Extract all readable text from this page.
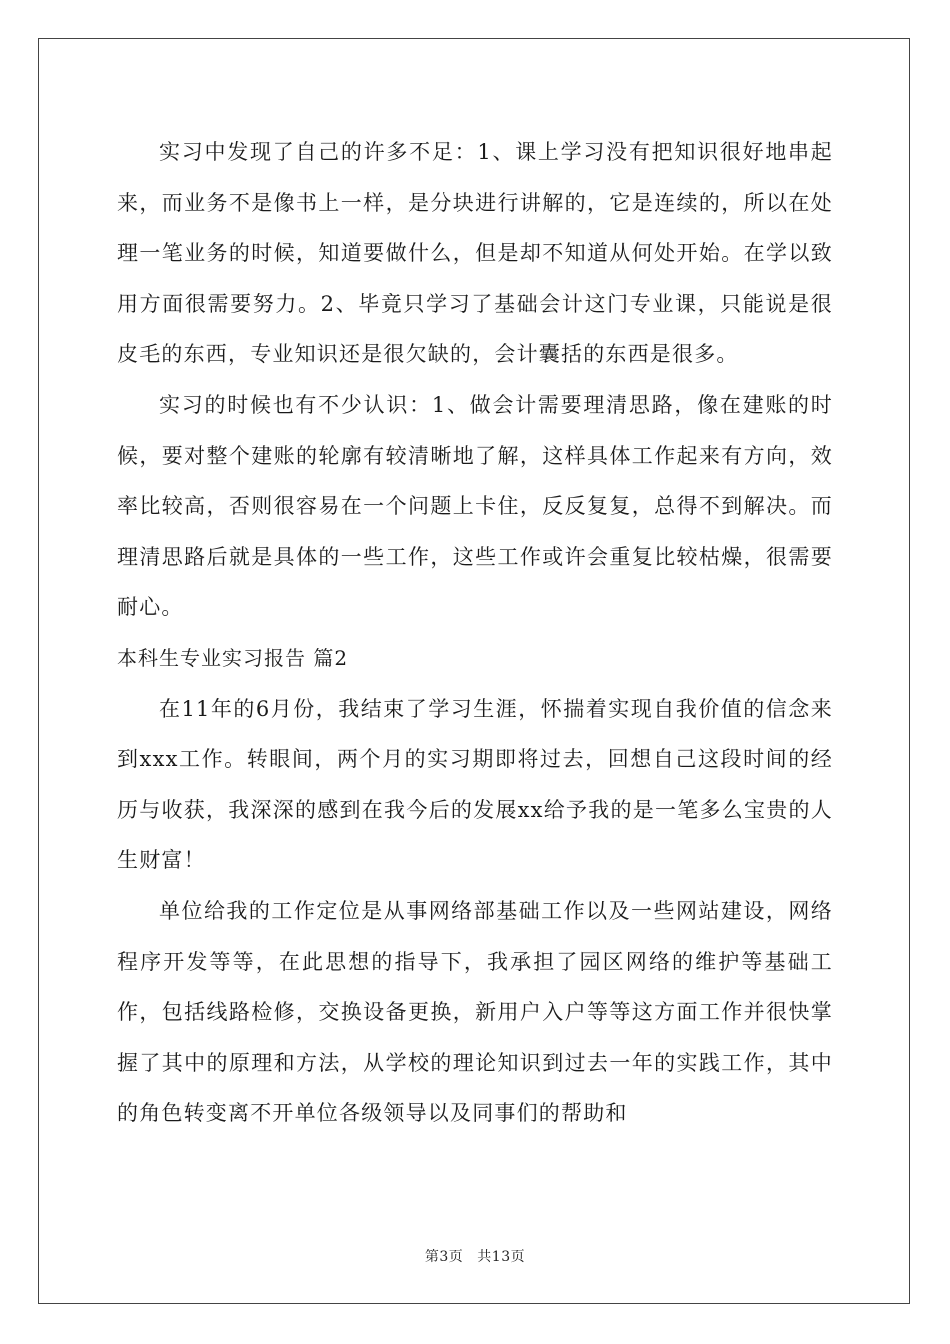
实习中发现了自己的许多不足：1、课上学习没有把知识很好地串起来，而业务不是像书上一样，是分块进行讲解的，它是连续的，所以在处理一笔业务的时候，知道要做什么，但是却不知道从何处开始。在学以致用方面很需要努力。2、毕竟只学习了基础会计这门专业课，只能说是很皮毛的东西，专业知识还是很欠缺的，会计囊括的东西是很多。

实习的时候也有不少认识：1、做会计需要理清思路，像在建账的时候，要对整个建账的轮廓有较清晰地了解，这样具体工作起来有方向，效率比较高，否则很容易在一个问题上卡住，反反复复，总得不到解决。而理清思路后就是具体的一些工作，这些工作或许会重复比较枯燥，很需要耐心。

本科生专业实习报告 篇2

在11年的6月份，我结束了学习生涯，怀揣着实现自我价值的信念来到xxx工作。转眼间，两个月的实习期即将过去，回想自己这段时间的经历与收获，我深深的感到在我今后的发展xx给予我的是一笔多么宝贵的人生财富！

单位给我的工作定位是从事网络部基础工作以及一些网站建设，网络程序开发等等，在此思想的指导下，我承担了园区网络的维护等基础工作，包括线路检修，交换设备更换，新用户入户等等这方面工作并很快掌握了其中的原理和方法，从学校的理论知识到过去一年的实践工作，其中的角色转变离不开单位各级领导以及同事们的帮助和

第3页 共13页
